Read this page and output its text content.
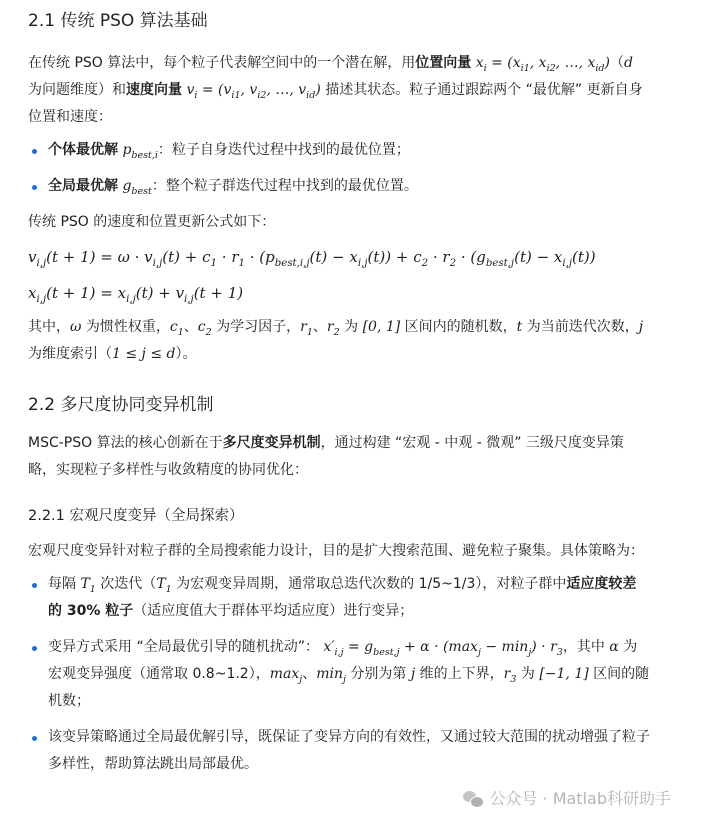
2.1 传统 PSO 算法基础

在传统 PSO 算法中，每个粒子代表解空间中的一个潜在解，用位置向量 $x_i = (x_{i1}$, $x_{i2}$, …, $x_{id})(d$ 为问题维度）和速度向量 $v_i = (v_{i1}$, $v_{i2}$, …, $v_{id}$) 描述其状态。粒子通过跟踪两个 “最优解” 更新自身位置和速度：

个体最优解 $p_{best,i}$：粒子自身迭代过程中找到的最优位置；
全局最优解 $g_{best}$：整个粒子群迭代过程中找到的最优位置。

传统 PSO 的速度和位置更新公式如下：

$v_{i,j}(t + 1) = \omega \cdot v_{i,j}(t) + c_1 \cdot r_1 \cdot (p_{best,i,j}(t) - x_{i,j}(t)) + c_2 \cdot r_2 \cdot (g_{best,j}(t) - x_{i,j}(t))$
$x_{i,j}(t + 1) = x_{i,j}(t) + v_{i,j}(t + 1)$

其中，ω 为惯性权重，$c_1$、$c_2$ 为学习因子，$r_1$、$r_2$ 为 [0, 1] 区间内的随机数，t 为当前迭代次数，j 为维度索引（1 ≤ j ≤ d）。

2.2 多尺度协同变异机制

MSC-PSO 算法的核心创新在于多尺度变异机制，通过构建 “宏观 - 中观 - 微观” 三级尺度变异策略，实现粒子多样性与收敛精度的协同优化：

2.2.1 宏观尺度变异（全局探索）

宏观尺度变异针对粒子群的全局搜索能力设计，目的是扩大搜索范围、避免粒子聚集。具体策略为：

每隔 $T_1$ 次迭代（$T_1$ 为宏观变异周期，通常取总迭代次数的 1/5~1/3），对粒子群中适应度较差的 30% 粒子（适应度值大于群体平均适应度）进行变异；
变异方式采用 “全局最优引导的随机扰动”： $x'_{i,j} = g_{best,j} + \alpha \cdot (\max_j - \min_j) \cdot r_3$，其中 α 为宏观变异强度（通常取 0.8~1.2），$\max_j$、$\min_j$ 分别为第 j 维的上下界，$r_3$ 为 [−1, 1] 区间的随机数；
该变异策略通过全局最优解引导，既保证了变异方向的有效性，又通过较大范围的扰动增强了粒子多样性，帮助算法跳出局部最优。
公众号 · Matlab科研助手
